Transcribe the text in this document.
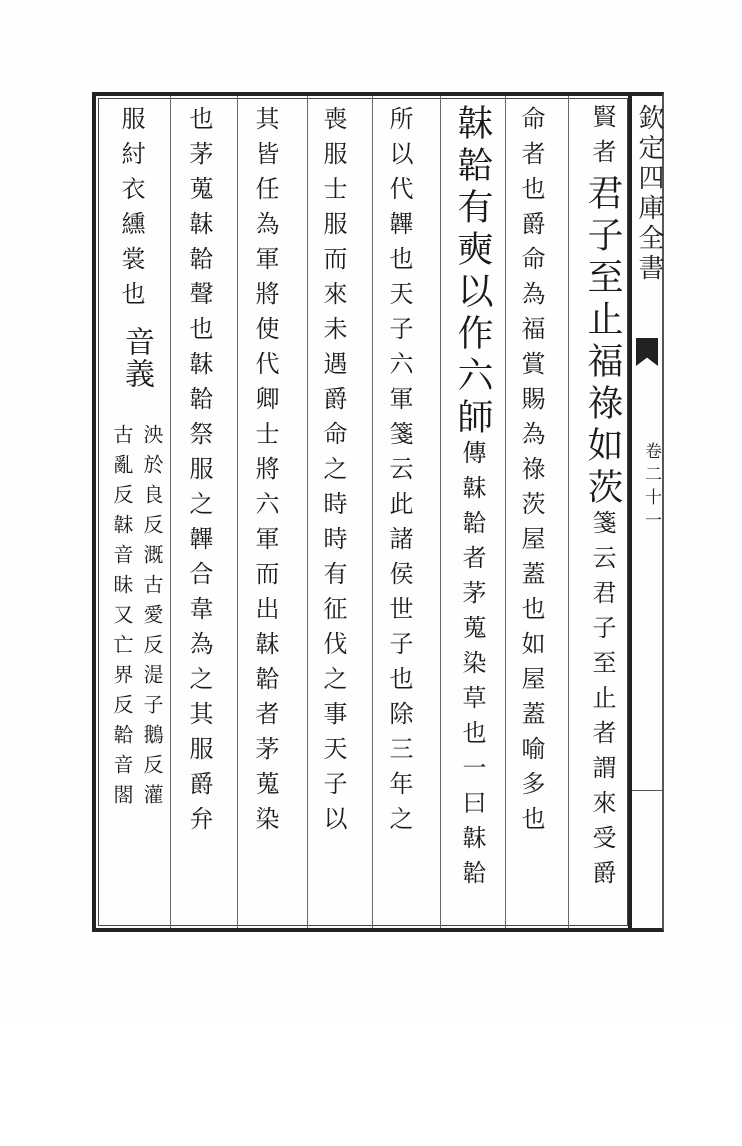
欽定四庫全書
卷二十一
賢者君子至止福祿如茨箋云君子至止者謂來受爵
命者也爵命為福賞賜為祿茨屋蓋也如屋蓋喻多也
韎韐有奭以作六師傳韎韐者茅蒐染草也一曰韎韐
所以代韠也天子六軍箋云此諸侯世子也除三年之
喪服士服而來未遇爵命之時時有征伐之事天子以
其皆任為軍將使代卿士將六軍而出韎韐者茅蒐染
也茅蒐韎韐聲也韎韐祭服之韠合韋為之其服爵弁
服紂衣纁裳也
音義
泱於良反溉古愛反湜子鵝反灌
古亂反韎音昧又亡界反韐音閤
